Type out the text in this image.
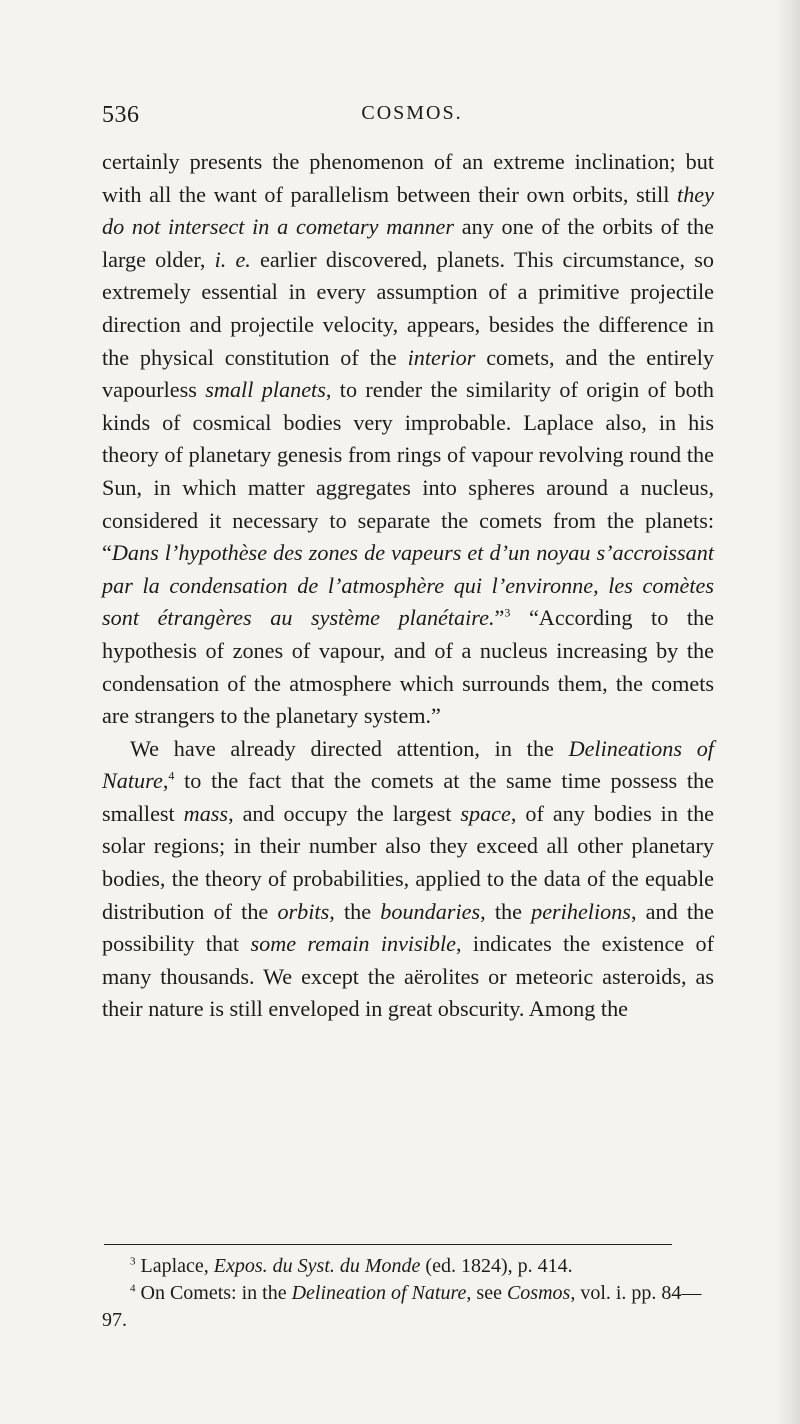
536	COSMOS.

certainly presents the phenomenon of an extreme inclination; but with all the want of parallelism between their own orbits, still they do not intersect in a cometary manner any one of the orbits of the large older, i. e. earlier discovered, planets. This circumstance, so extremely essential in every assumption of a primitive projectile direction and projectile velocity, appears, besides the difference in the physical constitution of the interior comets, and the entirely vapourless small planets, to render the similarity of origin of both kinds of cosmical bodies very improbable. Laplace also, in his theory of planetary genesis from rings of vapour revolving round the Sun, in which matter aggregates into spheres around a nucleus, considered it necessary to separate the comets from the planets: “Dans l’hypothèse des zones de vapeurs et d’un noyau s’accroissant par la condensation de l’atmosphère qui l’environne, les comètes sont étrangères au système planétaire.”$^3$ “According to the hypothesis of zones of vapour, and of a nucleus increasing by the condensation of the atmosphere which surrounds them, the comets are strangers to the planetary system.”

We have already directed attention, in the Delineations of Nature,$^4$ to the fact that the comets at the same time possess the smallest mass, and occupy the largest space, of any bodies in the solar regions; in their number also they exceed all other planetary bodies, the theory of probabilities, applied to the data of the equable distribution of the orbits, the boundaries, the perihelions, and the possibility that some remain invisible, indicates the existence of many thousands. We except the aërolites or meteoric asteroids, as their nature is still enveloped in great obscurity. Among the

$^3$ Laplace, Expos. du Syst. du Monde (ed. 1824), p. 414.

$^4$ On Comets: in the Delineation of Nature, see Cosmos, vol. i. pp. 84—97.
